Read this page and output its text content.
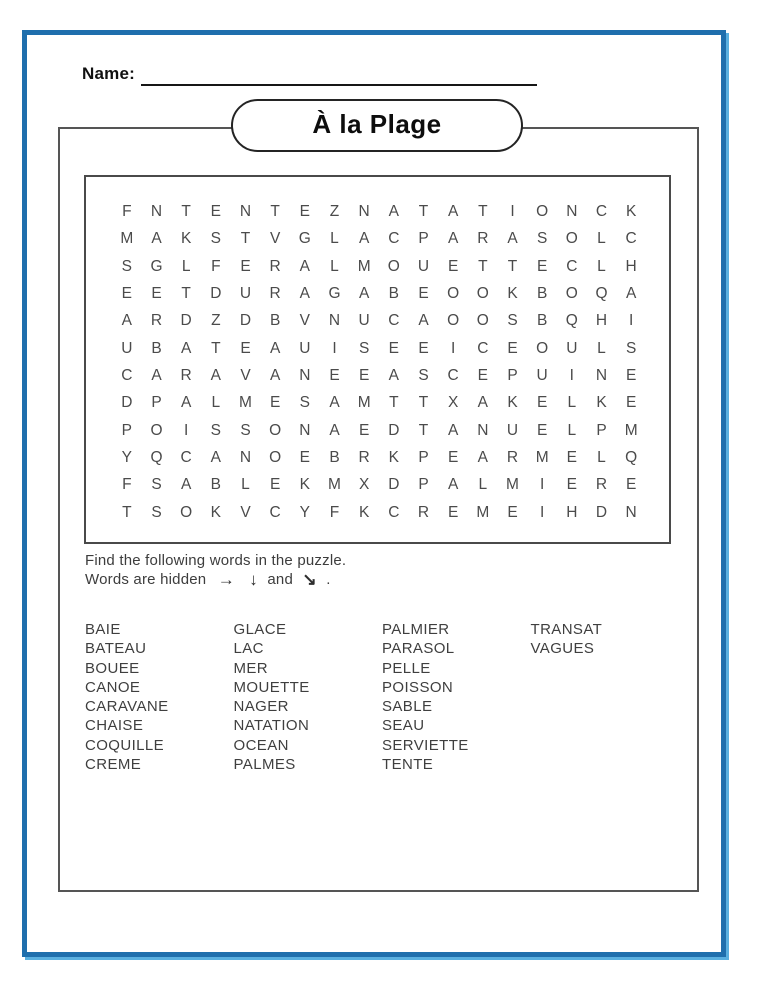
Name:
À la Plage
F	N	T	E	N	T	E	Z	N	A	T	A	T	I	O	N	C	K
M	A	K	S	T	V	G	L	A	C	P	A	R	A	S	O	L	C
S	G	L	F	E	R	A	L	M	O	U	E	T	T	E	C	L	H
E	E	T	D	U	R	A	G	A	B	E	O	O	K	B	O	Q	A
A	R	D	Z	D	B	V	N	U	C	A	O	O	S	B	Q	H	I
U	B	A	T	E	A	U	I	S	E	E	I	C	E	O	U	L	S
C	A	R	A	V	A	N	E	E	A	S	C	E	P	U	I	N	E
D	P	A	L	M	E	S	A	M	T	T	X	A	K	E	L	K	E
P	O	I	S	S	O	N	A	E	D	T	A	N	U	E	L	P	M
Y	Q	C	A	N	O	E	B	R	K	P	E	A	R	M	E	L	Q
F	S	A	B	L	E	K	M	X	D	P	A	L	M	I	E	R	E
T	S	O	K	V	C	Y	F	K	C	R	E	M	E	I	H	D	N
Find the following words in the puzzle.
Words are hidden → ↓ and ↘ .
BAIE
BATEAU
BOUEE
CANOE
CARAVANE
CHAISE
COQUILLE
CREME
GLACE
LAC
MER
MOUETTE
NAGER
NATATION
OCEAN
PALMES
PALMIER
PARASOL
PELLE
POISSON
SABLE
SEAU
SERVIETTE
TENTE
TRANSAT
VAGUES
